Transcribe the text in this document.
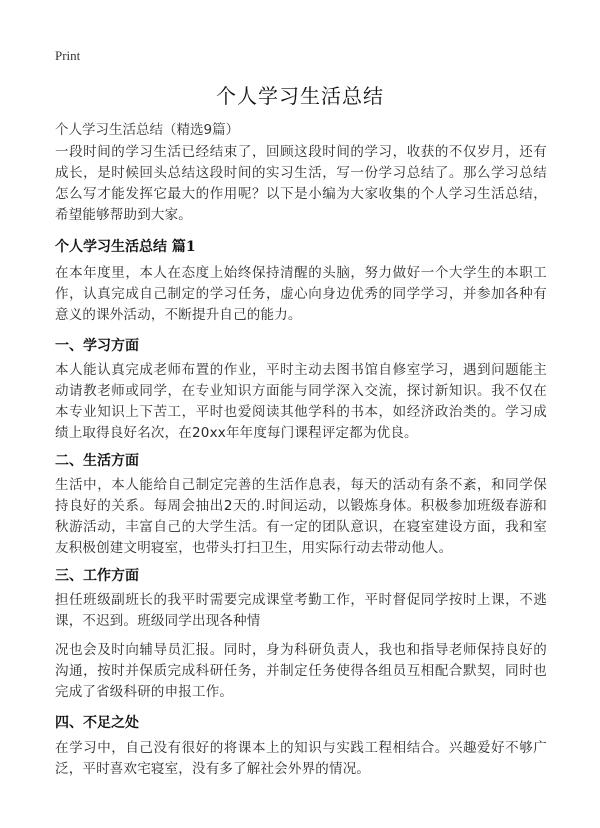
Print
个人学习生活总结
个人学习生活总结（精选9篇）
一段时间的学习生活已经结束了，回顾这段时间的学习，收获的不仅岁月，还有成长，是时候回头总结这段时间的实习生活，写一份学习总结了。那么学习总结怎么写才能发挥它最大的作用呢？以下是小编为大家收集的个人学习生活总结，希望能够帮助到大家。
个人学习生活总结 篇1
在本年度里，本人在态度上始终保持清醒的头脑，努力做好一个大学生的本职工作，认真完成自己制定的学习任务，虚心向身边优秀的同学学习，并参加各种有意义的课外活动，不断提升自己的能力。
一、学习方面
本人能认真完成老师布置的作业，平时主动去图书馆自修室学习，遇到问题能主动请教老师或同学，在专业知识方面能与同学深入交流，探讨新知识。我不仅在本专业知识上下苦工，平时也爱阅读其他学科的书本，如经济政治类的。学习成绩上取得良好名次，在20xx年年度每门课程评定都为优良。
二、生活方面
生活中，本人能给自己制定完善的生活作息表，每天的活动有条不紊，和同学保持良好的关系。每周会抽出2天的.时间运动，以锻炼身体。积极参加班级春游和秋游活动，丰富自己的大学生活。有一定的团队意识，在寝室建设方面，我和室友积极创建文明寝室，也带头打扫卫生，用实际行动去带动他人。
三、工作方面
担任班级副班长的我平时需要完成课堂考勤工作，平时督促同学按时上课，不逃课，不迟到。班级同学出现各种情
况也会及时向辅导员汇报。同时，身为科研负责人，我也和指导老师保持良好的沟通，按时并保质完成科研任务，并制定任务使得各组员互相配合默契，同时也完成了省级科研的申报工作。
四、不足之处
在学习中，自己没有很好的将课本上的知识与实践工程相结合。兴趣爱好不够广泛，平时喜欢宅寝室，没有多了解社会外界的情况。
